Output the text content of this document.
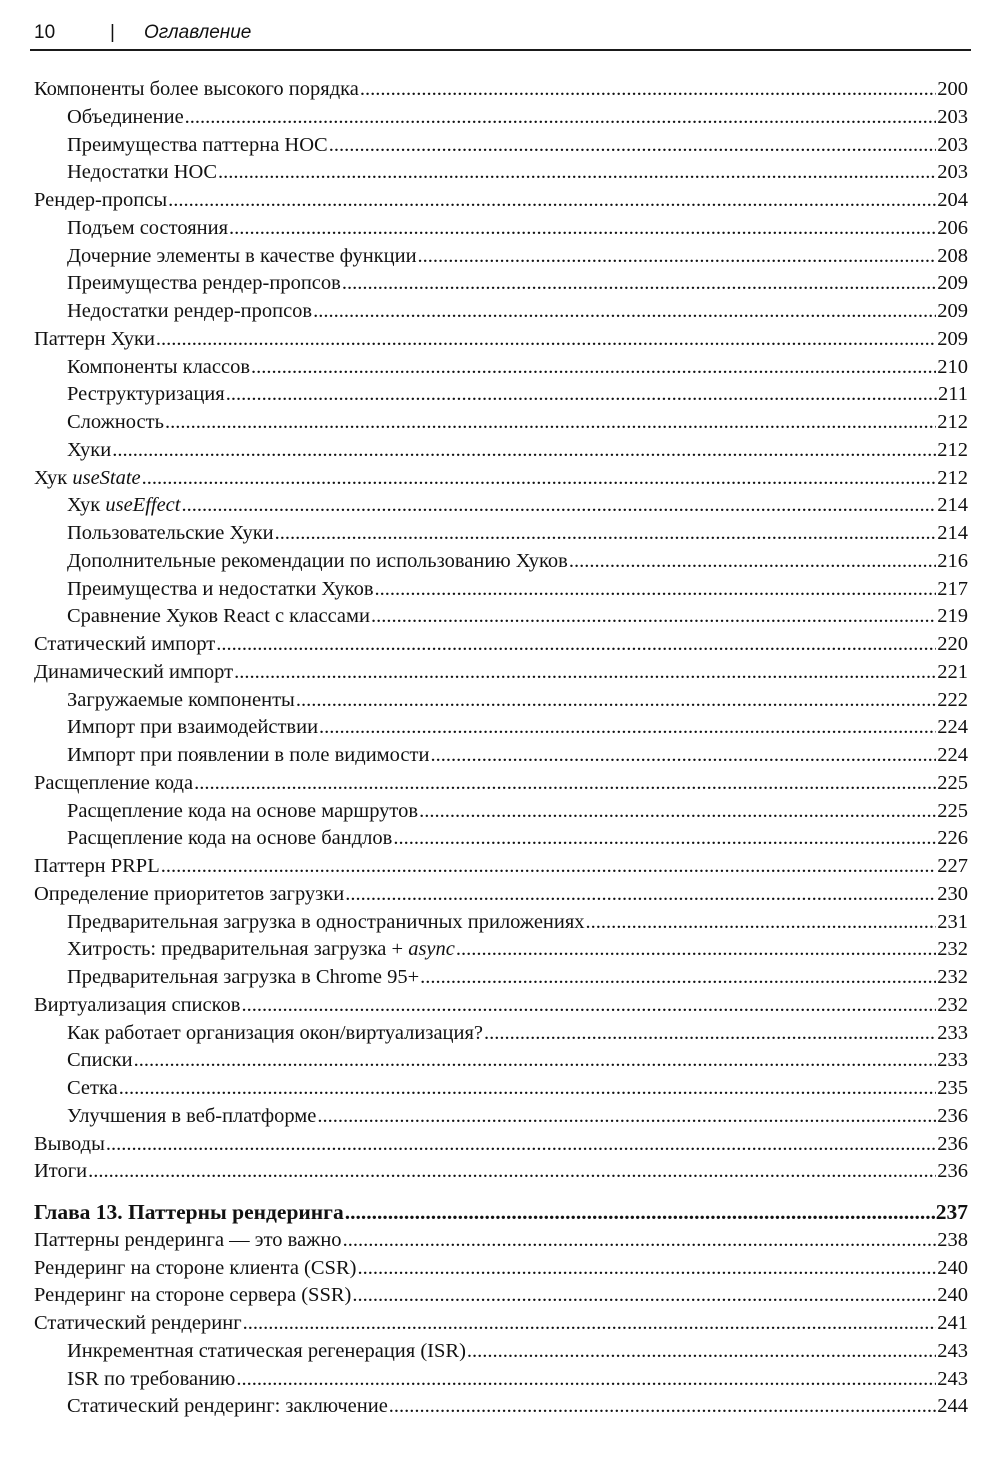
10	| Оглавление
Компоненты более высокого порядка .....	200
Объединение .....	203
Преимущества паттерна HOC .....	203
Недостатки HOC .....	203
Рендер-пропсы .....	204
Подъем состояния .....	206
Дочерние элементы в качестве функции .....	208
Преимущества рендер-пропсов .....	209
Недостатки рендер-пропсов .....	209
Паттерн Хуки .....	209
Компоненты классов .....	210
Реструктуризация .....	211
Сложность .....	212
Хуки .....	212
Хук useState .....	212
Хук useEffect .....	214
Пользовательские Хуки .....	214
Дополнительные рекомендации по использованию Хуков .....	216
Преимущества и недостатки Хуков .....	217
Сравнение Хуков React с классами .....	219
Статический импорт .....	220
Динамический импорт .....	221
Загружаемые компоненты .....	222
Импорт при взаимодействии .....	224
Импорт при появлении в поле видимости .....	224
Расщепление кода .....	225
Расщепление кода на основе маршрутов .....	225
Расщепление кода на основе бандлов .....	226
Паттерн PRPL .....	227
Определение приоритетов загрузки .....	230
Предварительная загрузка в одностраничных приложениях .....	231
Хитрость: предварительная загрузка + async .....	232
Предварительная загрузка в Chrome 95+ .....	232
Виртуализация списков .....	232
Как работает организация окон/виртуализация? .....	233
Списки .....	233
Сетка .....	235
Улучшения в веб-платформе .....	236
Выводы .....	236
Итоги .....	236
Глава 13. Паттерны рендеринга .....	237
Паттерны рендеринга — это важно .....	238
Рендеринг на стороне клиента (CSR) .....	240
Рендеринг на стороне сервера (SSR) .....	240
Статический рендеринг .....	241
Инкрементная статическая регенерация (ISR) .....	243
ISR по требованию .....	243
Статический рендеринг: заключение .....	244
